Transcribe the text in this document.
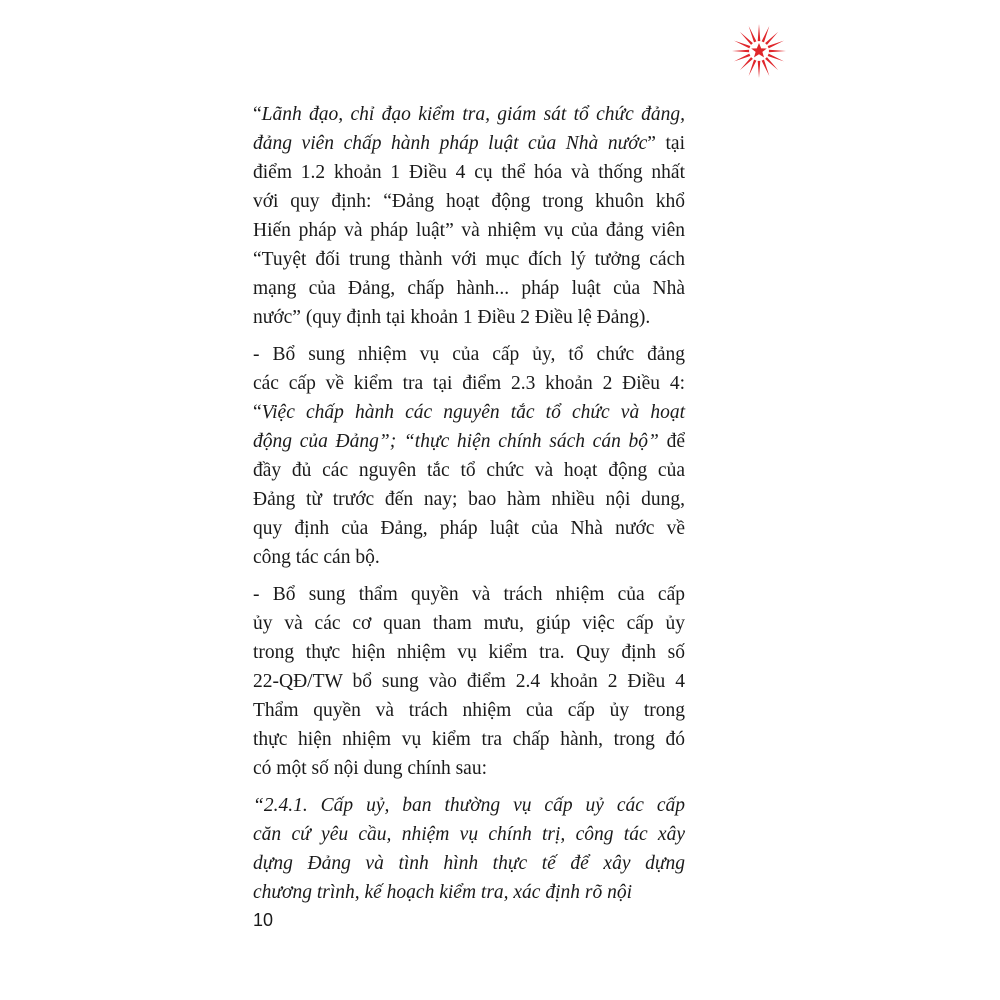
“Lãnh đạo, chỉ đạo kiểm tra, giám sát tổ chức đảng,
đảng viên chấp hành pháp luật của Nhà nước” tại
điểm 1.2 khoản 1 Điều 4 cụ thể hóa và thống nhất
với quy định: “Đảng hoạt động trong khuôn khổ
Hiến pháp và pháp luật” và nhiệm vụ của đảng viên
“Tuyệt đối trung thành với mục đích lý tưởng cách
mạng của Đảng, chấp hành... pháp luật của Nhà
nước” (quy định tại khoản 1 Điều 2 Điều lệ Đảng).
- Bổ sung nhiệm vụ của cấp ủy, tổ chức đảng
các cấp về kiểm tra tại điểm 2.3 khoản 2 Điều 4:
“Việc chấp hành các nguyên tắc tổ chức và hoạt
động của Đảng”; “thực hiện chính sách cán bộ” để
đầy đủ các nguyên tắc tổ chức và hoạt động của
Đảng từ trước đến nay; bao hàm nhiều nội dung,
quy định của Đảng, pháp luật của Nhà nước về
công tác cán bộ.
- Bổ sung thẩm quyền và trách nhiệm của cấp
ủy và các cơ quan tham mưu, giúp việc cấp ủy
trong thực hiện nhiệm vụ kiểm tra. Quy định số
22-QĐ/TW bổ sung vào điểm 2.4 khoản 2 Điều 4
Thẩm quyền và trách nhiệm của cấp ủy trong
thực hiện nhiệm vụ kiểm tra chấp hành, trong đó
có một số nội dung chính sau:
“2.4.1. Cấp uỷ, ban thường vụ cấp uỷ các cấp
căn cứ yêu cầu, nhiệm vụ chính trị, công tác xây
dựng Đảng và tình hình thực tế để xây dựng
chương trình, kế hoạch kiểm tra, xác định rõ nội
10
